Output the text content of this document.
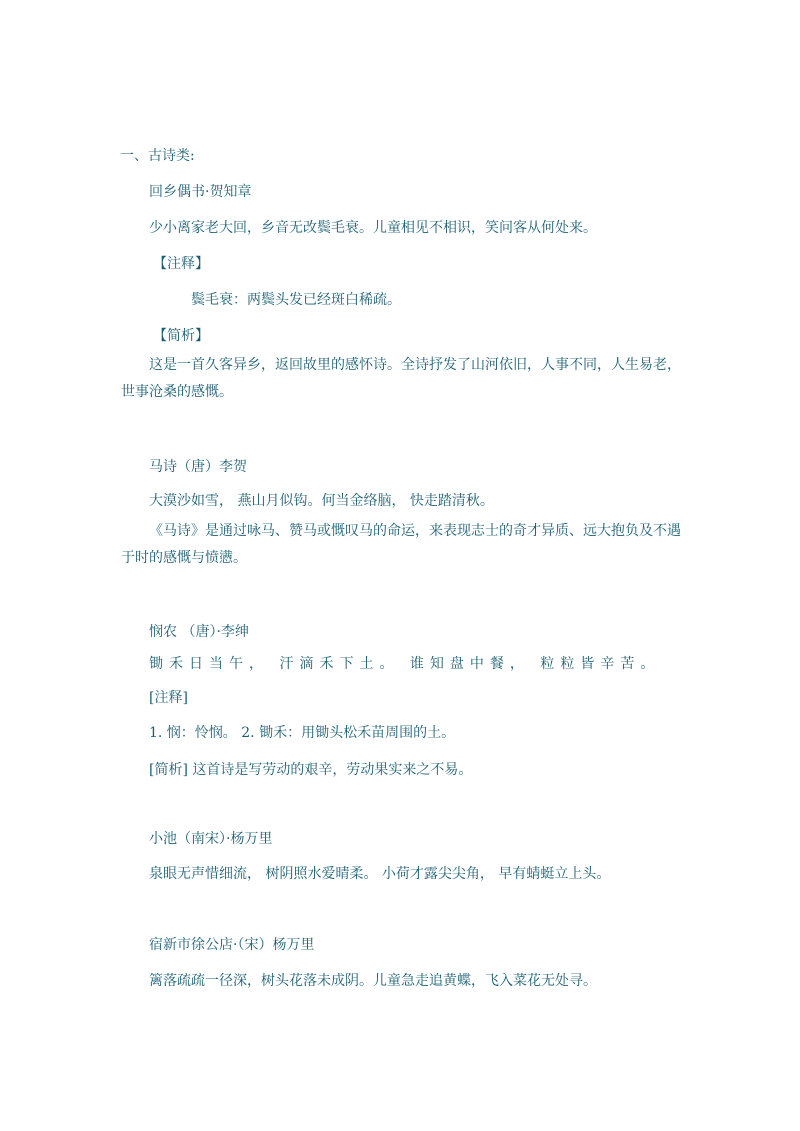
一、古诗类:

回乡偶书·贺知章

少小离家老大回，乡音无改鬓毛衰。儿童相见不相识，笑问客从何处来。

【注释】

鬓毛衰：两鬓头发已经斑白稀疏。

【简析】

这是一首久客异乡，返回故里的感怀诗。全诗抒发了山河依旧，人事不同，人生易老，世事沧桑的感慨。

马诗（唐）李贺

大漠沙如雪， 燕山月似钩。何当金络脑， 快走踏清秋。

《马诗》是通过咏马、赞马或慨叹马的命运，来表现志士的奇才异质、远大抱负及不遇于时的感慨与愤懑。

悯农 （唐）·李绅

锄禾日当午， 汗滴禾下土。 谁知盘中餐， 粒粒皆辛苦。

[注释]

1. 悯：怜悯。 2. 锄禾：用锄头松禾苗周围的土。

[简析] 这首诗是写劳动的艰辛，劳动果实来之不易。

小池（南宋）·杨万里

泉眼无声惜细流， 树阴照水爱晴柔。 小荷才露尖尖角， 早有蜻蜓立上头。

宿新市徐公店·（宋）杨万里

篱落疏疏一径深，树头花落未成阴。儿童急走追黄蝶，飞入菜花无处寻。
